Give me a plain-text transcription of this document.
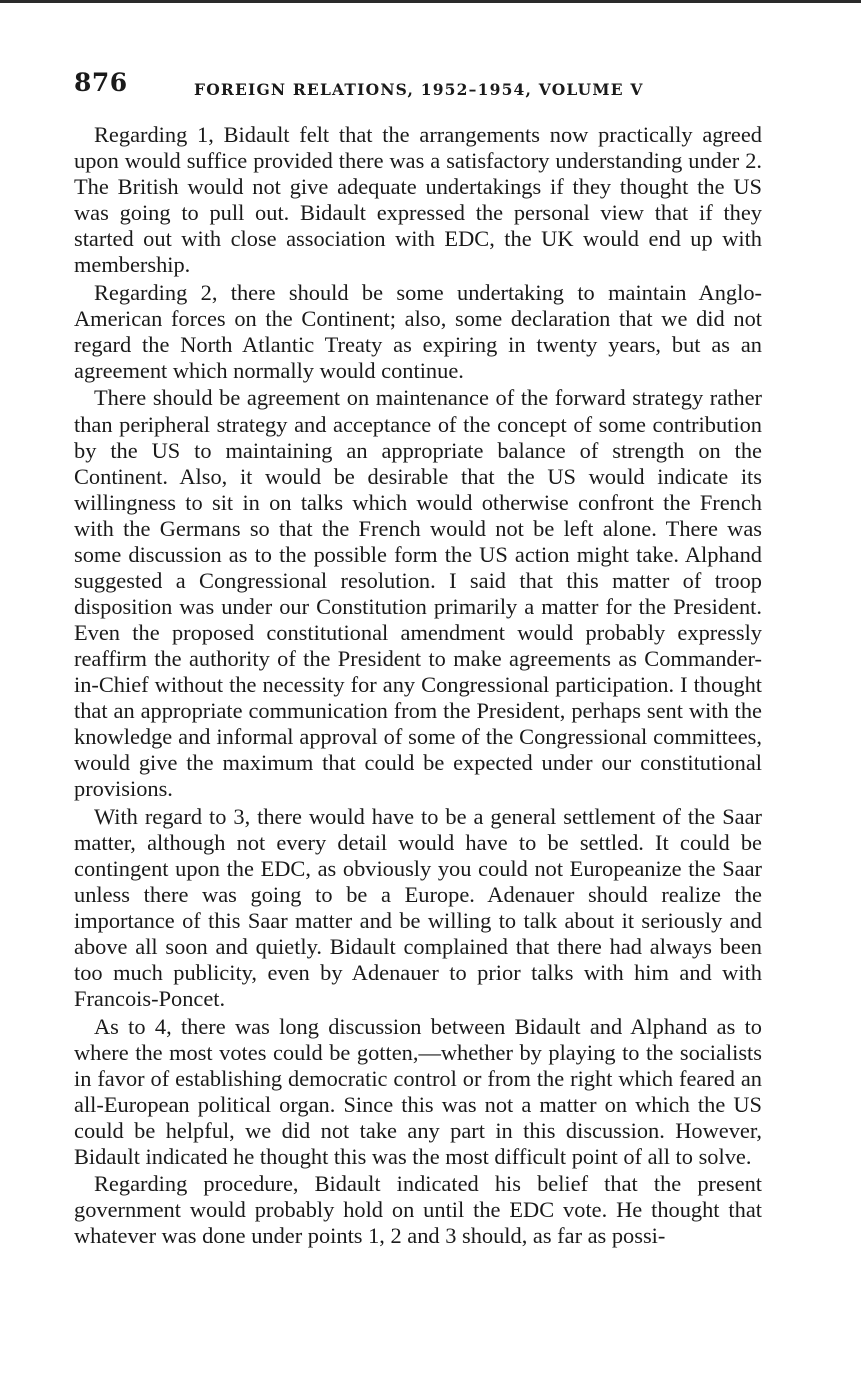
876	FOREIGN RELATIONS, 1952–1954, VOLUME V

Regarding 1, Bidault felt that the arrangements now practically agreed upon would suffice provided there was a satisfactory understanding under 2. The British would not give adequate undertakings if they thought the US was going to pull out. Bidault expressed the personal view that if they started out with close association with EDC, the UK would end up with membership.

Regarding 2, there should be some undertaking to maintain Anglo-American forces on the Continent; also, some declaration that we did not regard the North Atlantic Treaty as expiring in twenty years, but as an agreement which normally would continue.

There should be agreement on maintenance of the forward strategy rather than peripheral strategy and acceptance of the concept of some contribution by the US to maintaining an appropriate balance of strength on the Continent. Also, it would be desirable that the US would indicate its willingness to sit in on talks which would otherwise confront the French with the Germans so that the French would not be left alone. There was some discussion as to the possible form the US action might take. Alphand suggested a Congressional resolution. I said that this matter of troop disposition was under our Constitution primarily a matter for the President. Even the proposed constitutional amendment would probably expressly reaffirm the authority of the President to make agreements as Commander-in-Chief without the necessity for any Congressional participation. I thought that an appropriate communication from the President, perhaps sent with the knowledge and informal approval of some of the Congressional committees, would give the maximum that could be expected under our constitutional provisions.

With regard to 3, there would have to be a general settlement of the Saar matter, although not every detail would have to be settled. It could be contingent upon the EDC, as obviously you could not Europeanize the Saar unless there was going to be a Europe. Adenauer should realize the importance of this Saar matter and be willing to talk about it seriously and above all soon and quietly. Bidault complained that there had always been too much publicity, even by Adenauer to prior talks with him and with Francois-Poncet.

As to 4, there was long discussion between Bidault and Alphand as to where the most votes could be gotten,—whether by playing to the socialists in favor of establishing democratic control or from the right which feared an all-European political organ. Since this was not a matter on which the US could be helpful, we did not take any part in this discussion. However, Bidault indicated he thought this was the most difficult point of all to solve.

Regarding procedure, Bidault indicated his belief that the present government would probably hold on until the EDC vote. He thought that whatever was done under points 1, 2 and 3 should, as far as possi-
